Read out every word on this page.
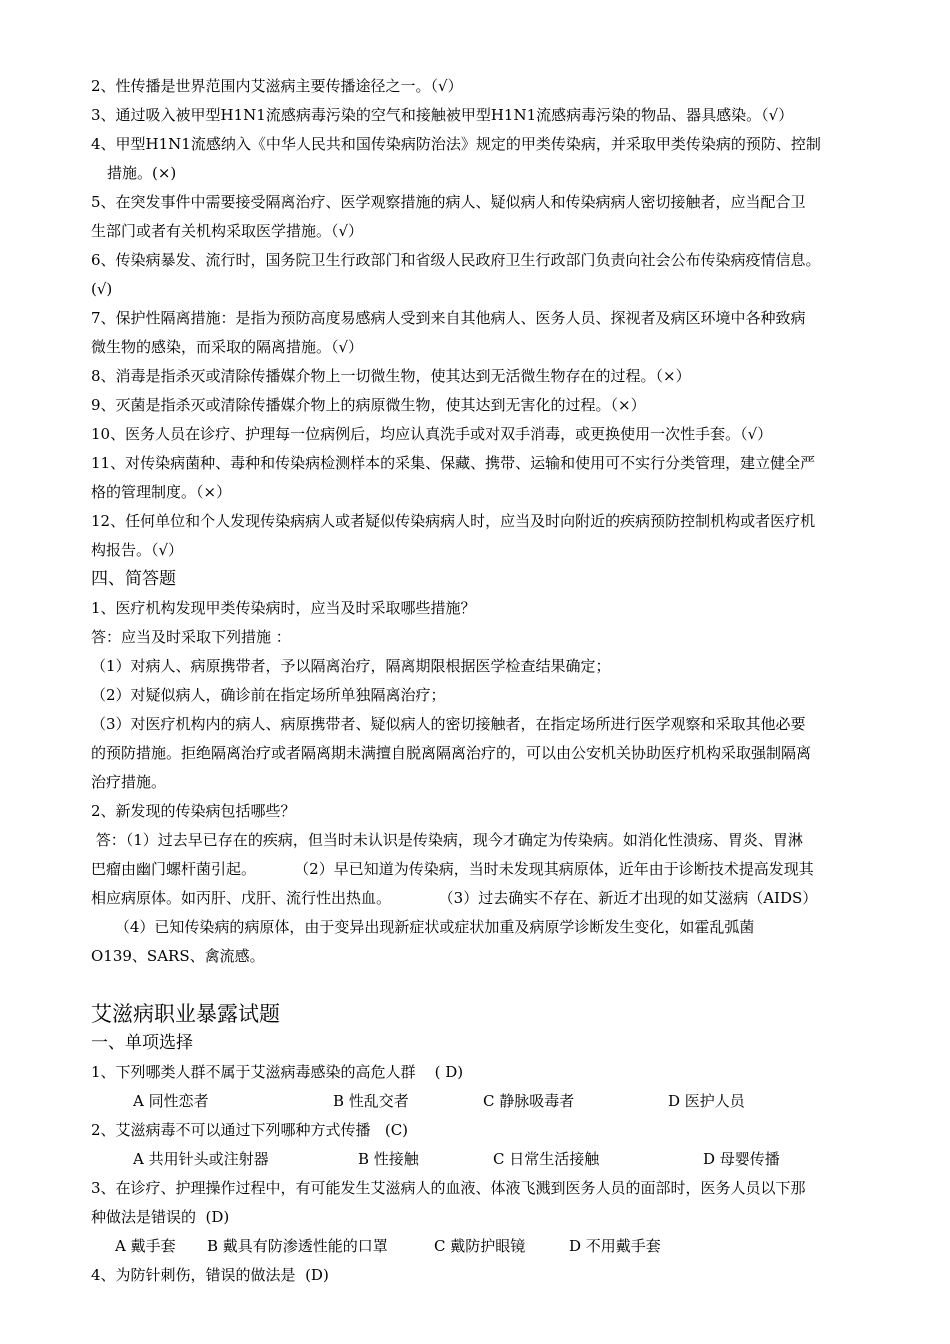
2、性传播是世界范围内艾滋病主要传播途径之一。（√）
3、通过吸入被甲型H1N1流感病毒污染的空气和接触被甲型H1N1流感病毒污染的物品、器具感染。（√）
4、甲型H1N1流感纳入《中华人民共和国传染病防治法》规定的甲类传染病，并采取甲类传染病的预防、控制
措施。(×)
5、在突发事件中需要接受隔离治疗、医学观察措施的病人、疑似病人和传染病病人密切接触者，应当配合卫
生部门或者有关机构采取医学措施。（√）
6、传染病暴发、流行时，国务院卫生行政部门和省级人民政府卫生行政部门负责向社会公布传染病疫情信息。
(√)
7、保护性隔离措施：是指为预防高度易感病人受到来自其他病人、医务人员、探视者及病区环境中各种致病
微生物的感染，而采取的隔离措施。（√）
8、消毒是指杀灭或清除传播媒介物上一切微生物，使其达到无活微生物存在的过程。（×）
9、灭菌是指杀灭或清除传播媒介物上的病原微生物，使其达到无害化的过程。（×）
10、医务人员在诊疗、护理每一位病例后，均应认真洗手或对双手消毒，或更换使用一次性手套。（√）
11、对传染病菌种、毒种和传染病检测样本的采集、保藏、携带、运输和使用可不实行分类管理，建立健全严
格的管理制度。（×）
12、任何单位和个人发现传染病病人或者疑似传染病病人时，应当及时向附近的疾病预防控制机构或者医疗机
构报告。（√）
四、简答题
1、医疗机构发现甲类传染病时，应当及时采取哪些措施？
答：应当及时采取下列措施 ：
（1）对病人、病原携带者，予以隔离治疗，隔离期限根据医学检查结果确定；
（2）对疑似病人，确诊前在指定场所单独隔离治疗；
（3）对医疗机构内的病人、病原携带者、疑似病人的密切接触者，在指定场所进行医学观察和采取其他必要
的预防措施。拒绝隔离治疗或者隔离期未满擅自脱离隔离治疗的，可以由公安机关协助医疗机构采取强制隔离
治疗措施。
2、新发现的传染病包括哪些？
答：（1）过去早已存在的疾病，但当时未认识是传染病，现今才确定为传染病。如消化性溃疡、胃炎、胃淋
巴瘤由幽门螺杆菌引起。        （2）早已知道为传染病，当时未发现其病原体，近年由于诊断技术提高发现其
相应病原体。如丙肝、戊肝、流行性出热血。          （3）过去确实不存在、新近才出现的如艾滋病（AIDS）
（4）已知传染病的病原体，由于变异出现新症状或症状加重及病原学诊断发生变化，如霍乱弧菌
O139、SARS、禽流感。
艾滋病职业暴露试题
一、单项选择
1、下列哪类人群不属于艾滋病毒感染的高危人群    ( D)
A 同性恋者	B 性乱交者	C 静脉吸毒者	D 医护人员
2、艾滋病毒不可以通过下列哪种方式传播   (C)
A 共用针头或注射器	B 性接触	C 日常生活接触	D 母婴传播
3、在诊疗、护理操作过程中，有可能发生艾滋病人的血液、体液飞溅到医务人员的面部时，医务人员以下那
种做法是错误的  (D)
A 戴手套	B 戴具有防渗透性能的口罩	C 戴防护眼镜	D 不用戴手套
4、为防针刺伤，错误的做法是  (D)
